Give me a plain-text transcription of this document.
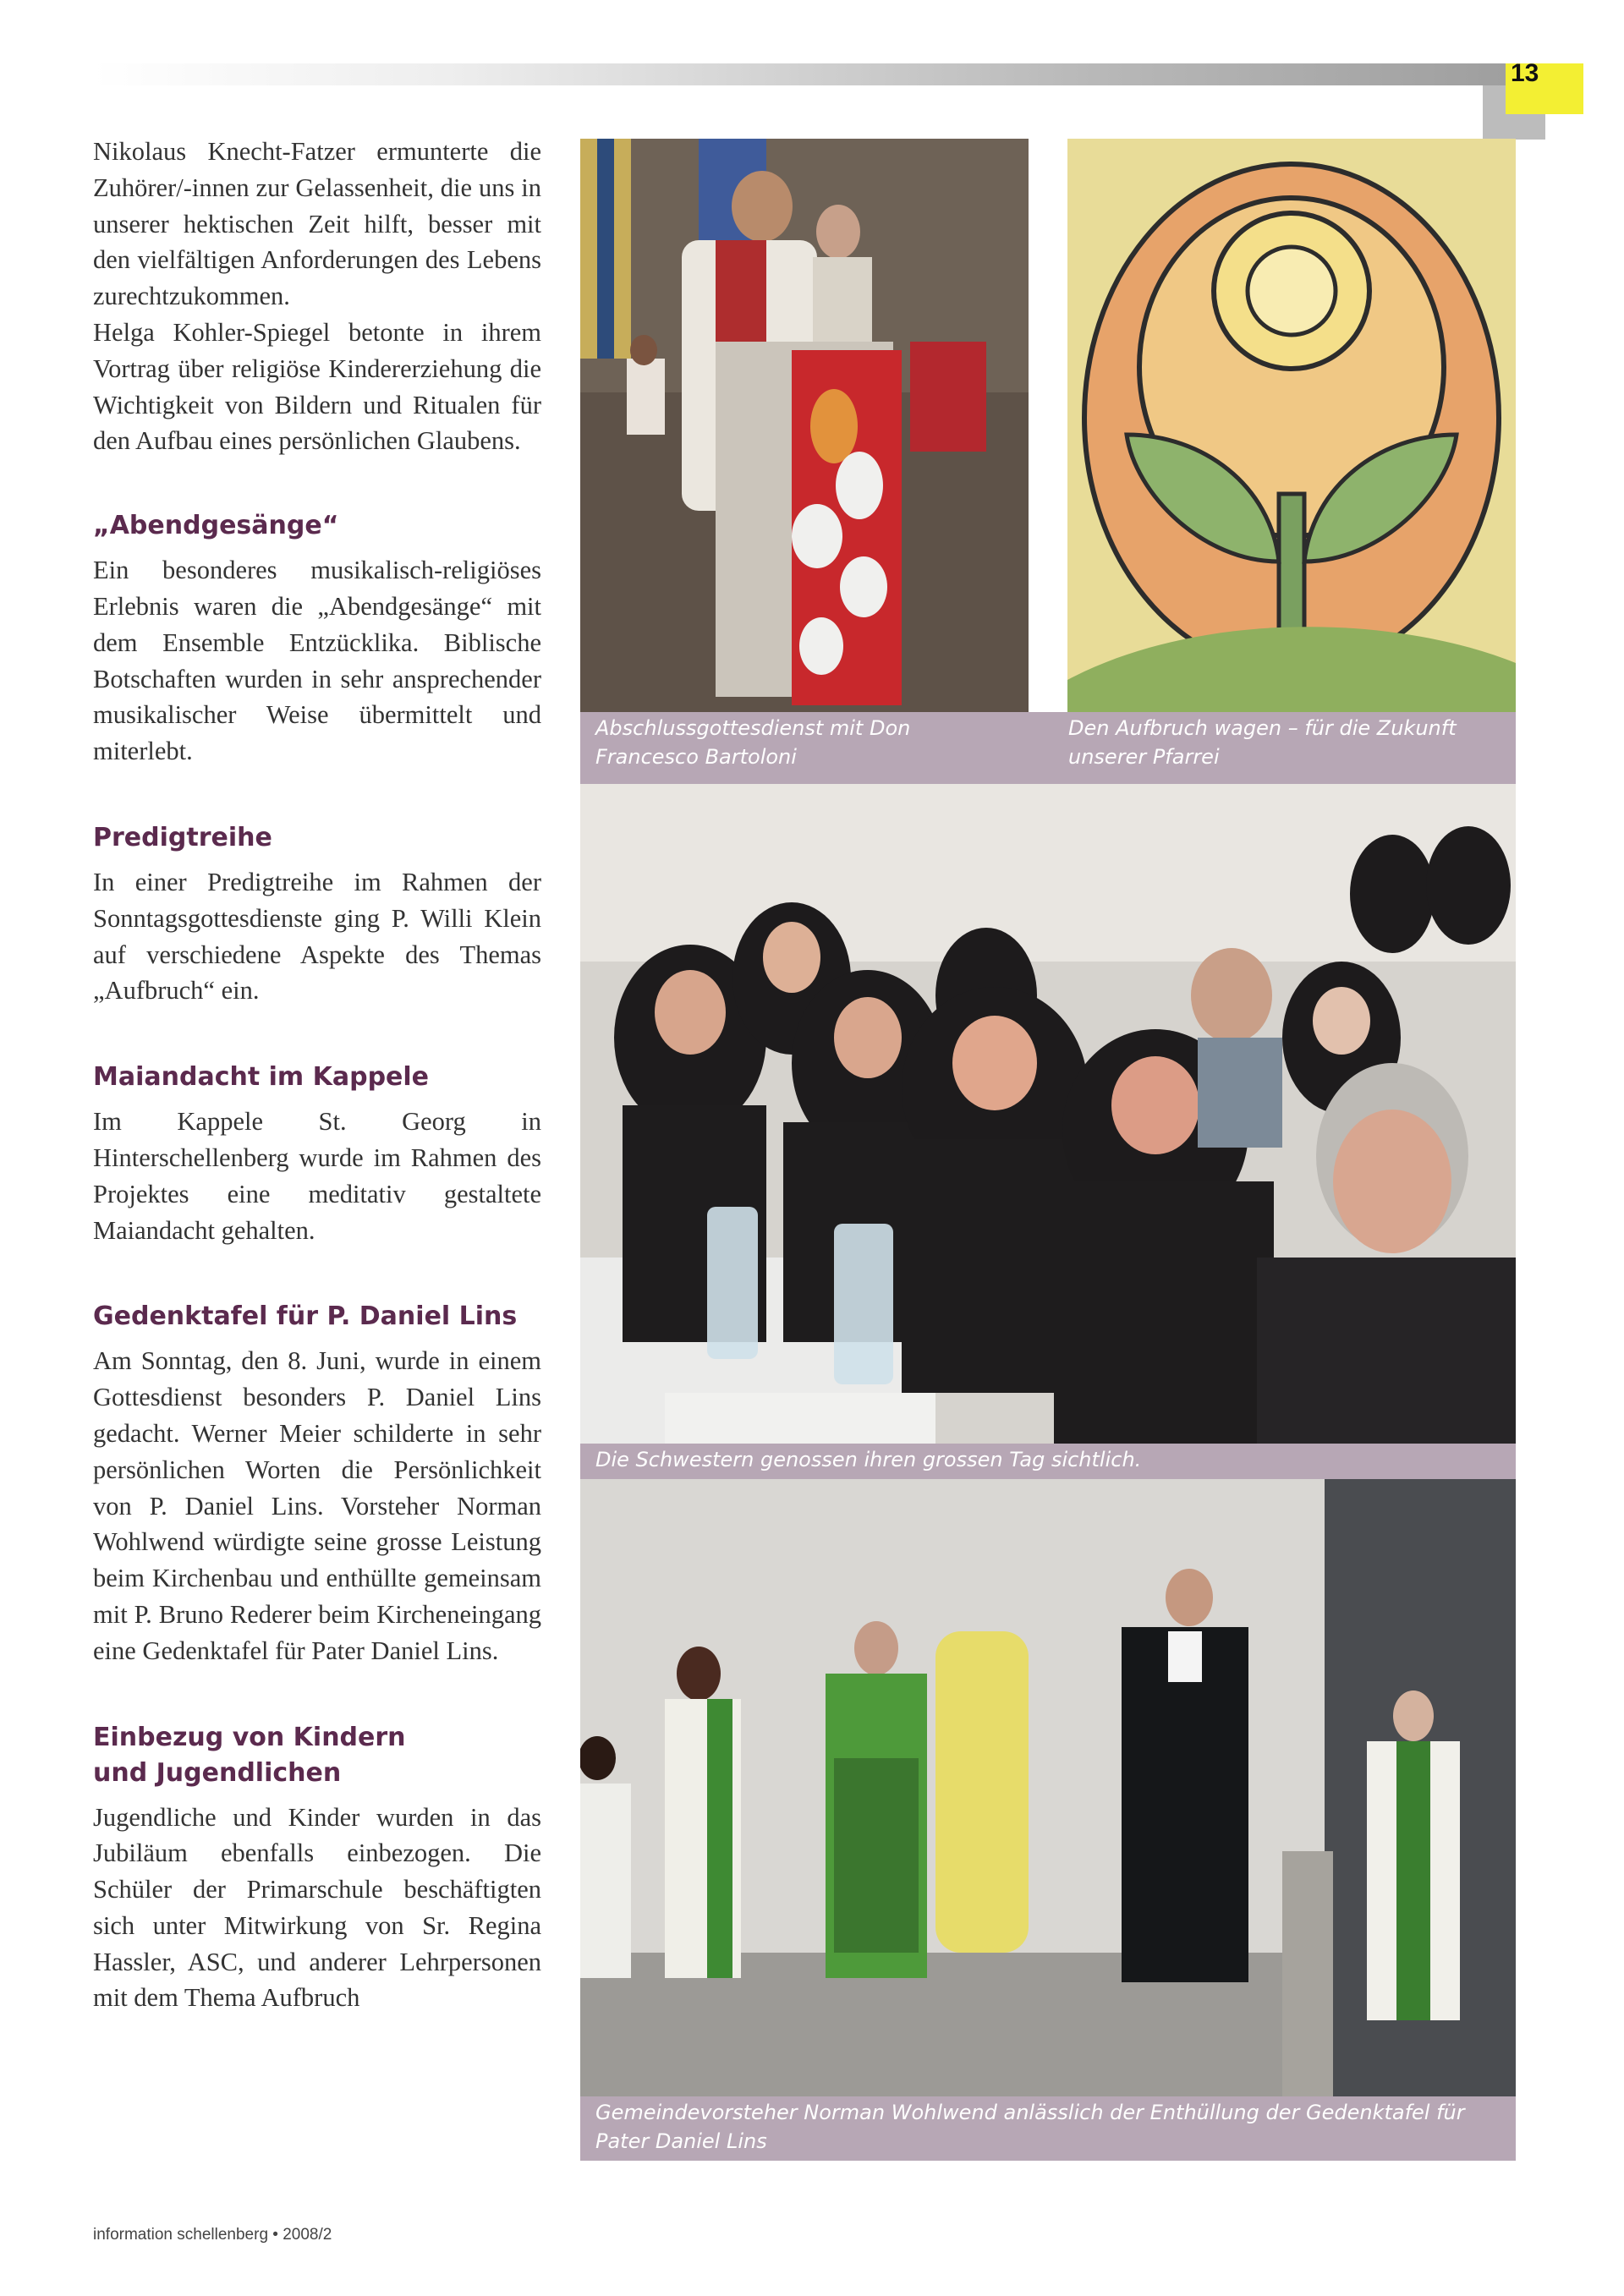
13

Nikolaus Knecht-Fatzer ermunterte die Zuhörer/-innen zur Gelassenheit, die uns in unserer hektischen Zeit hilft, besser mit den vielfältigen Anforderungen des Lebens zurechtzukommen.

Helga Kohler-Spiegel betonte in ihrem Vortrag über religiöse Kindererziehung die Wichtigkeit von Bildern und Ritualen für den Aufbau eines persönlichen Glaubens.

„Abendgesänge“

Ein besonderes musikalisch-religiöses Erlebnis waren die „Abendgesänge“ mit dem Ensemble Entzücklika. Biblische Botschaften wurden in sehr ansprechender musikalischer Weise übermittelt und miterlebt.

Predigtreihe

In einer Predigtreihe im Rahmen der Sonntagsgottesdienste ging P. Willi Klein auf verschiedene Aspekte des Themas „Aufbruch“ ein.

Maiandacht im Kappele

Im Kappele St. Georg in Hinterschellenberg wurde im Rahmen des Projektes eine meditativ gestaltete Maiandacht gehalten.

Gedenktafel für P. Daniel Lins

Am Sonntag, den 8. Juni, wurde in einem Gottesdienst besonders P. Daniel Lins gedacht. Werner Meier schilderte in sehr persönlichen Worten die Persönlichkeit von P. Daniel Lins. Vorsteher Norman Wohlwend würdigte seine grosse Leistung beim Kirchenbau und enthüllte gemeinsam mit P. Bruno Rederer beim Kircheneingang eine Gedenktafel für Pater Daniel Lins.

Einbezug von Kindern und Jugendlichen

Jugendliche und Kinder wurden in das Jubiläum ebenfalls einbezogen. Die Schüler der Primarschule beschäftigten sich unter Mitwirkung von Sr. Regina Hassler, ASC, und anderer Lehrpersonen mit dem Thema Aufbruch

Abschlussgottesdienst mit Don Francesco Bartoloni

Den Aufbruch wagen – für die Zukunft unserer Pfarrei

Die Schwestern genossen ihren grossen Tag sichtlich.

Gemeindevorsteher Norman Wohlwend anlässlich der Enthüllung der Gedenktafel für Pater Daniel Lins

information schellenberg • 2008/2
